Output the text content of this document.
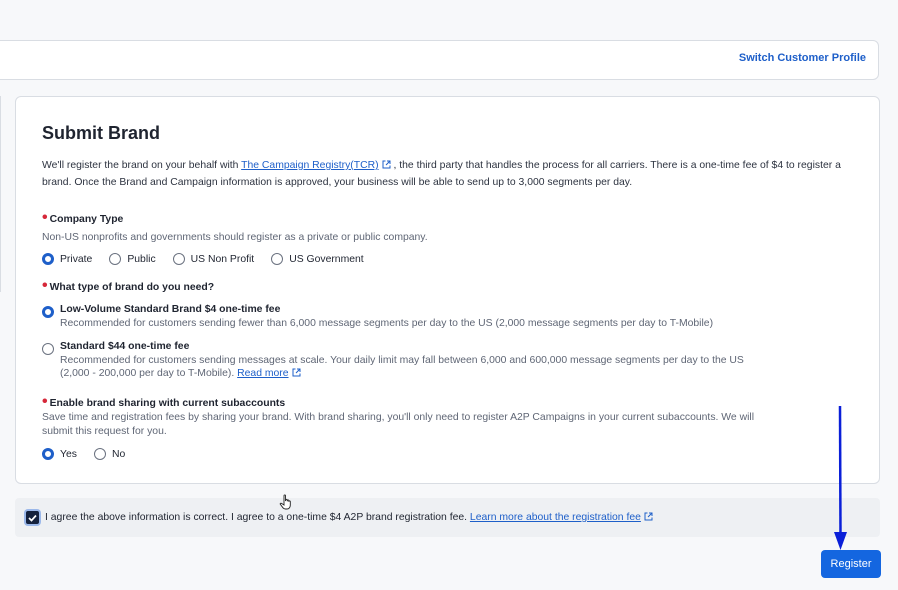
Switch Customer Profile
Submit Brand
We'll register the brand on your behalf with The Campaign Registry(TCR)
, the third party that handles the process for all carriers. There is a one-time fee of $4 to register a brand. Once the Brand and Campaign information is approved, your business will be able to send up to 3,000 segments per day.
• Company Type
Non-US nonprofits and governments should register as a private or public company.
Private	Public	US Non Profit	US Government
• What type of brand do you need?
Low-Volume Standard Brand $4 one-time fee
Recommended for customers sending fewer than 6,000 message segments per day to the US (2,000 message segments per day to T-Mobile)
Standard $44 one-time fee
Recommended for customers sending messages at scale. Your daily limit may fall between 6,000 and 600,000 message segments per day to the US (2,000 - 200,000 per day to T-Mobile). Read more
• Enable brand sharing with current subaccounts
Save time and registration fees by sharing your brand. With brand sharing, you'll only need to register A2P Campaigns in your current subaccounts. We will submit this request for you.
Yes	No
I agree the above information is correct. I agree to a one-time $4 A2P brand registration fee. Learn more about the registration fee
Register
